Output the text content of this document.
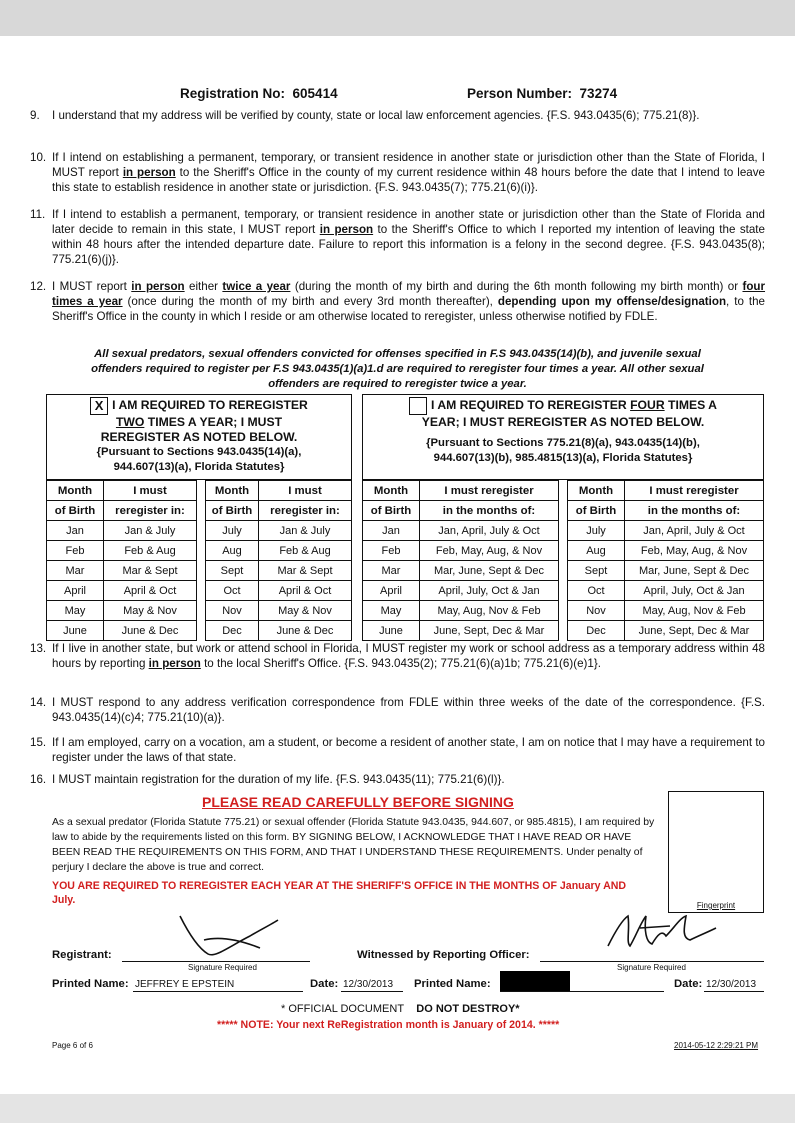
Registration No: 605414	Person Number: 73274
9. I understand that my address will be verified by county, state or local law enforcement agencies. {F.S. 943.0435(6); 775.21(8)}.
10. If I intend on establishing a permanent, temporary, or transient residence in another state or jurisdiction other than the State of Florida, I MUST report in person to the Sheriff's Office in the county of my current residence within 48 hours before the date that I intend to leave this state to establish residence in another state or jurisdiction. {F.S. 943.0435(7); 775.21(6)(i)}.
11. If I intend to establish a permanent, temporary, or transient residence in another state or jurisdiction other than the State of Florida and later decide to remain in this state, I MUST report in person to the Sheriff's Office to which I reported my intention of leaving the state within 48 hours after the intended departure date. Failure to report this information is a felony in the second degree. {F.S. 943.0435(8); 775.21(6)(j)}.
12. I MUST report in person either twice a year (during the month of my birth and during the 6th month following my birth month) or four times a year (once during the month of my birth and every 3rd month thereafter), depending upon my offense/designation, to the Sheriff's Office in the county in which I reside or am otherwise located to reregister, unless otherwise notified by FDLE.
All sexual predators, sexual offenders convicted for offenses specified in F.S 943.0435(14)(b), and juvenile sexual offenders required to register per F.S 943.0435(1)(a)1.d are required to reregister four times a year. All other sexual offenders are required to reregister twice a year.
X I AM REQUIRED TO REREGISTER
TWO TIMES A YEAR; I MUST
REREGISTER AS NOTED BELOW.
{Pursuant to Sections 943.0435(14)(a),
944.607(13)(a), Florida Statutes}
I AM REQUIRED TO REREGISTER FOUR TIMES A
YEAR; I MUST REREGISTER AS NOTED BELOW.
{Pursuant to Sections 775.21(8)(a), 943.0435(14)(b),
944.607(13)(b), 985.4815(13)(a), Florida Statutes}
Month	I must		Month	I must
of Birth	reregister in:		of Birth	reregister in:
Jan	Jan & July		July	Jan & July
Feb	Feb & Aug		Aug	Feb & Aug
Mar	Mar & Sept		Sept	Mar & Sept
April	April & Oct		Oct	April & Oct
May	May & Nov		Nov	May & Nov
June	June & Dec		Dec	June & Dec
Month	I must reregister		Month	I must reregister
of Birth	in the months of:		of Birth	in the months of:
Jan	Jan, April, July & Oct		July	Jan, April, July & Oct
Feb	Feb, May, Aug, & Nov		Aug	Feb, May, Aug, & Nov
Mar	Mar, June, Sept & Dec		Sept	Mar, June, Sept & Dec
April	April, July, Oct & Jan		Oct	April, July, Oct & Jan
May	May, Aug, Nov & Feb		Nov	May, Aug, Nov & Feb
June	June, Sept, Dec & Mar		Dec	June, Sept, Dec & Mar
13. If I live in another state, but work or attend school in Florida, I MUST register my work or school address as a temporary address within 48 hours by reporting in person to the local Sheriff's Office. {F.S. 943.0435(2); 775.21(6)(a)1b; 775.21(6)(e)1}.
14. I MUST respond to any address verification correspondence from FDLE within three weeks of the date of the correspondence. {F.S. 943.0435(14)(c)4; 775.21(10)(a)}.
15. If I am employed, carry on a vocation, am a student, or become a resident of another state, I am on notice that I may have a requirement to register under the laws of that state.
16. I MUST maintain registration for the duration of my life. {F.S. 943.0435(11); 775.21(6)(l)}.
PLEASE READ CAREFULLY BEFORE SIGNING
As a sexual predator (Florida Statute 775.21) or sexual offender (Florida Statute 943.0435, 944.607, or 985.4815), I am required by law to abide by the requirements listed on this form. BY SIGNING BELOW, I ACKNOWLEDGE THAT I HAVE READ OR HAVE BEEN READ THE REQUIREMENTS ON THIS FORM, AND THAT I UNDERSTAND THESE REQUIREMENTS. Under penalty of perjury I declare the above is true and correct.
YOU ARE REQUIRED TO REREGISTER EACH YEAR AT THE SHERIFF'S OFFICE IN THE MONTHS OF January AND July.	Fingerprint
Registrant:
Signature Required
Witnessed by Reporting Officer:
Signature Required
Printed Name: JEFFREY E EPSTEIN	Date: 12/30/2013 Printed Name:	Date: 12/30/2013
* OFFICIAL DOCUMENT DO NOT DESTROY*
***** NOTE: Your next ReRegistration month is January of 2014. *****
Page 6 of 6	2014-05-12 2:29:21 PM
